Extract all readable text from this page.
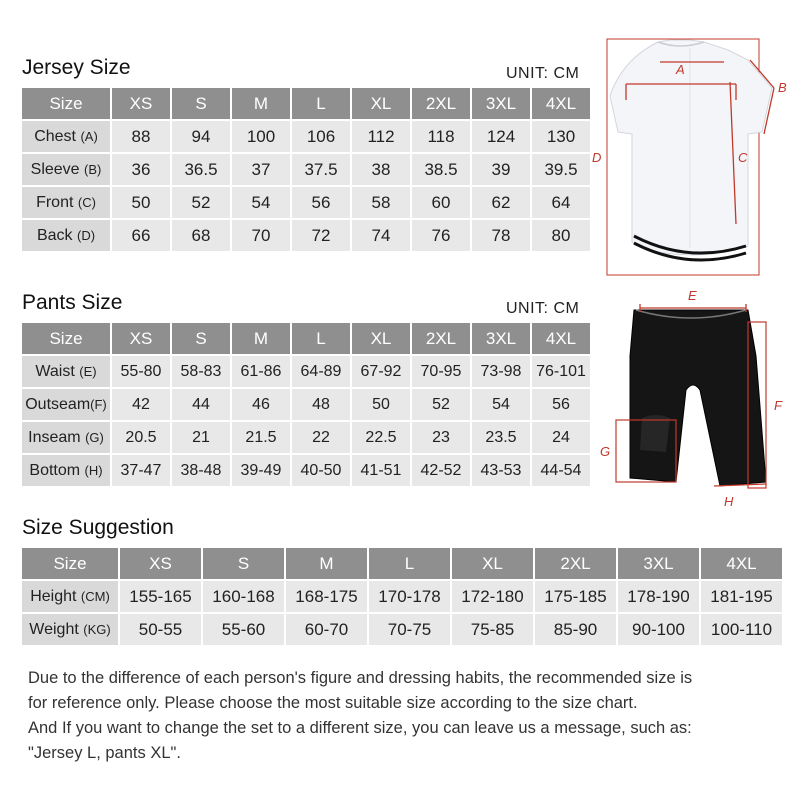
Jersey Size	UNIT: CM
Size	XS	S	M	L	XL	2XL	3XL	4XL
Chest (A)	88	94	100	106	112	118	124	130
Sleeve (B)	36	36.5	37	37.5	38	38.5	39	39.5
Front (C)	50	52	54	56	58	60	62	64
Back (D)	66	68	70	72	74	76	78	80
A
B
C
D
Pants Size	UNIT: CM
Size	XS	S	M	L	XL	2XL	3XL	4XL
Waist (E)	55-80	58-83	61-86	64-89	67-92	70-95	73-98	76-101
Outseam(F)	42	44	46	48	50	52	54	56
Inseam (G)	20.5	21	21.5	22	22.5	23	23.5	24
Bottom (H)	37-47	38-48	39-49	40-50	41-51	42-52	43-53	44-54
E
F
G
H
Size Suggestion
Size	XS	S	M	L	XL	2XL	3XL	4XL
Height (CM)	155-165	160-168	168-175	170-178	172-180	175-185	178-190	181-195
Weight (KG)	50-55	55-60	60-70	70-75	75-85	85-90	90-100	100-110

Due to the difference of each person's figure and dressing habits, the recommended size is

for reference only. Please choose the most suitable size according to the size chart.

And If you want to change the set to a different size, you can leave us a message, such as:

"Jersey L, pants XL".
